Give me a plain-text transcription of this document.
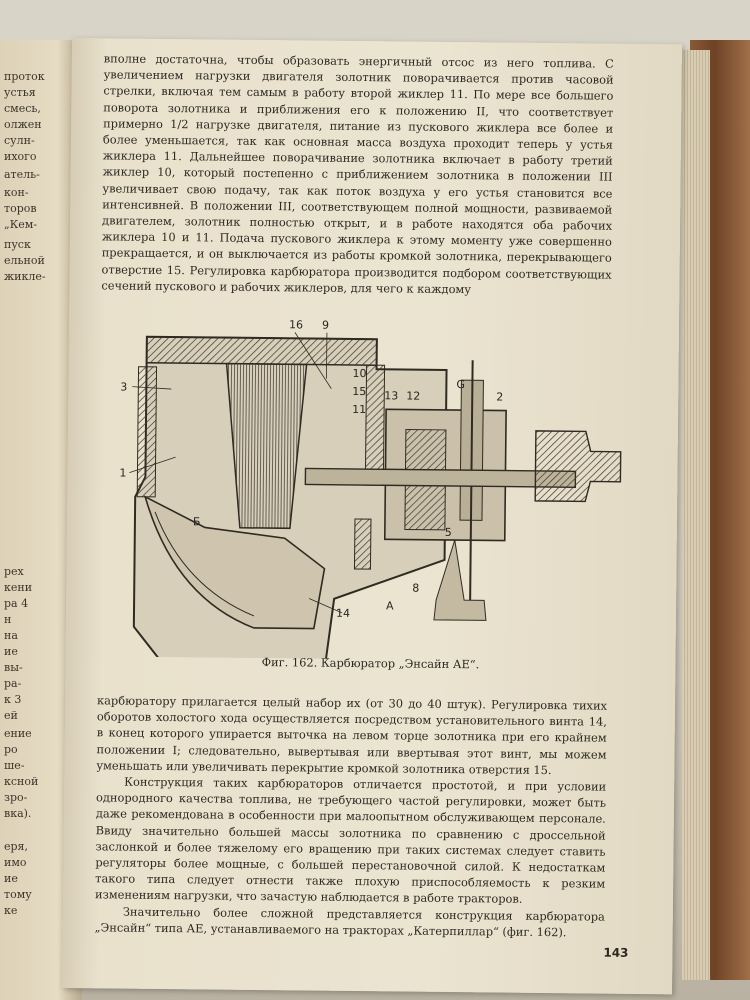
проток
устья
смесь,
олжен
сулн-
ихого
атель-
кон-
торов
„Кем-
пуск
ельной
жикле-
рех
кени
ра 4
н
на
ие
вы-
ра-
к 3
ей
ение
ро
ше-
ксной
зро-
вка).
еря,
имо
ие
тому
ке

вполне достаточна, чтобы образовать энергичный отсос из него топлива. С увеличением нагрузки двигателя золотник поворачивается против часовой стрелки, включая тем самым в работу второй жиклер 11. По мере все большего поворота золотника и приближения его к положению II, что соответствует примерно 1/2 нагрузке двигателя, питание из пускового жиклера все более и более уменьшается, так как основная масса воздуха проходит теперь у устья жиклера 11. Дальнейшее поворачивание золотника включает в работу третий жиклер 10, который постепенно с приближением золотника в положении III увеличивает свою подачу, так как поток воздуха у его устья становится все интенсивней. В положении III, соответствующем полной мощности, развиваемой двигателем, золотник полностью открыт, и в работе находятся оба рабочих жиклера 10 и 11. Подача пускового жиклера к этому моменту уже совершенно прекращается, и он выключается из работы кромкой золотника, перекрывающего отверстие 15. Регулировка карбюратора производится подбором соответствующих сечений пускового и рабочих жиклеров, для чего к каждому

16 9
10
15
11
13 12
G
2
3
1
Б
14
A
8
5
Фиг. 162. Карбюратор „Энсайн АЕ“.

карбюратору прилагается целый набор их (от 30 до 40 штук). Регулировка тихих оборотов холостого хода осуществляется посредством установительного винта 14, в конец которого упирается выточка на левом торце золотника при его крайнем положении I; следовательно, вывертывая или ввертывая этот винт, мы можем уменьшать или увеличивать перекрытие кромкой золотника отверстия 15.

Конструкция таких карбюраторов отличается простотой, и при условии однородного качества топлива, не требующего частой регулировки, может быть даже рекомендована в особенности при малоопытном обслуживающем персонале. Ввиду значительно большей массы золотника по сравнению с дроссельной заслонкой и более тяжелому его вращению при таких системах следует ставить регуляторы более мощные, с большей перестановочной силой. К недостаткам такого типа следует отнести также плохую приспособляемость к резким изменениям нагрузки, что зачастую наблюдается в работе тракторов.

Значительно более сложной представляется конструкция карбюратора „Энсайн“ типа АЕ, устанавливаемого на тракторах „Катерпиллар“ (фиг. 162).

143
